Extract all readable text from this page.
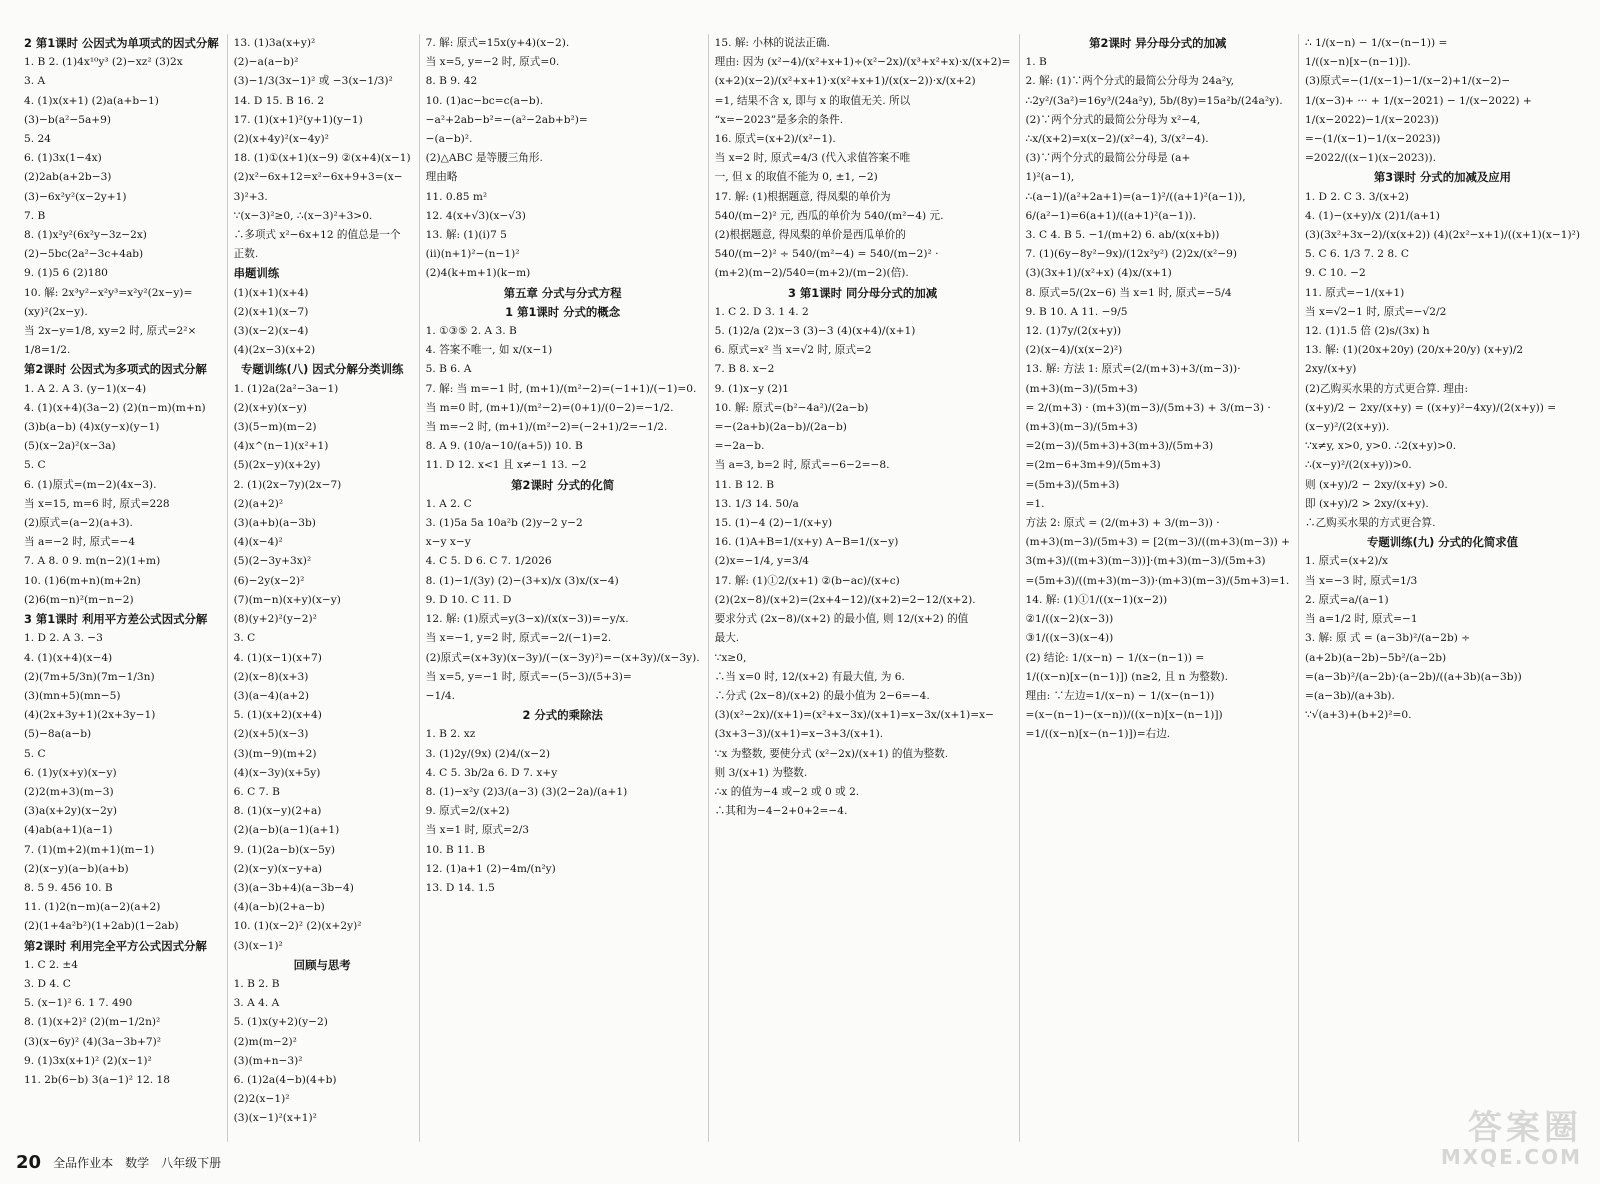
2 第1课时 公因式为单项式的因式分解
1. B 2. (1)4x¹⁰y³ (2)−xz² (3)2x
3. A
4. (1)x(x+1) (2)a(a+b−1)
(3)−b(a²−5a+9)
5. 24
6. (1)3x(1−4x)
(2)2ab(a+2b−3)
(3)−6x²y²(x−2y+1)
7. B
8. (1)x²y²(6x²y−3z−2x)
(2)−5bc(2a²−3c+4ab)
9. (1)5 6 (2)180
10. 解: 2x³y²−x²y³=x²y²(2x−y)=
(xy)²(2x−y).
当 2x−y=1/8, xy=2 时, 原式=2²×
1/8=1/2.
第2课时 公因式为多项式的因式分解
1. A 2. A 3. (y−1)(x−4)
4. (1)(x+4)(3a−2) (2)(n−m)(m+n)
(3)b(a−b) (4)x(y−x)(y−1)
(5)(x−2a)²(x−3a)
5. C
6. (1)原式=(m−2)(4x−3).
当 x=15, m=6 时, 原式=228
(2)原式=(a−2)(a+3).
当 a=−2 时, 原式=−4
7. A 8. 0 9. m(n−2)(1+m)
10. (1)6(m+n)(m+2n)
(2)6(m−n)²(m−n−2)
3 第1课时 利用平方差公式因式分解
1. D 2. A 3. −3
4. (1)(x+4)(x−4)
(2)(7m+5/3n)(7m−1/3n)
(3)(mn+5)(mn−5)
(4)(2x+3y+1)(2x+3y−1)
(5)−8a(a−b)
5. C
6. (1)y(x+y)(x−y)
(2)2(m+3)(m−3)
(3)a(x+2y)(x−2y)
(4)ab(a+1)(a−1)
7. (1)(m+2)(m+1)(m−1)
(2)(x−y)(a−b)(a+b)
8. 5 9. 456 10. B
11. (1)2(n−m)(a−2)(a+2)
(2)(1+4a²b²)(1+2ab)(1−2ab)
第2课时 利用完全平方公式因式分解
1. C 2. ±4
3. D 4. C
5. (x−1)² 6. 1 7. 490
8. (1)(x+2)² (2)(m−1/2n)²
(3)(x−6y)² (4)(3a−3b+7)²
9. (1)3x(x+1)² (2)(x−1)²
11. 2b(6−b) 3(a−1)² 12. 18
13. (1)3a(x+y)²
(2)−a(a−b)²
(3)−1/3(3x−1)² 或 −3(x−1/3)²
14. D 15. B 16. 2
17. (1)(x+1)²(y+1)(y−1)
(2)(x+4y)²(x−4y)²
18. (1)①(x+1)(x−9) ②(x+4)(x−1)
(2)x²−6x+12=x²−6x+9+3=(x−
3)²+3.
∵(x−3)²≥0, ∴(x−3)²+3>0.
∴多项式 x²−6x+12 的值总是一个
正数.
串题训练
(1)(x+1)(x+4)
(2)(x+1)(x−7)
(3)(x−2)(x−4)
(4)(2x−3)(x+2)
专题训练(八) 因式分解分类训练
1. (1)2a(2a²−3a−1)
(2)(x+y)(x−y)
(3)(5−m)(m−2)
(4)x^(n−1)(x²+1)
(5)(2x−y)(x+2y)
2. (1)(2x−7y)(2x−7)
(2)(a+2)²
(3)(a+b)(a−3b)
(4)(x−4)²
(5)(2−3y+3x)²
(6)−2y(x−2)²
(7)(m−n)(x+y)(x−y)
(8)(y+2)²(y−2)²
3. C
4. (1)(x−1)(x+7)
(2)(x−8)(x+3)
(3)(a−4)(a+2)
5. (1)(x+2)(x+4)
(2)(x+5)(x−3)
(3)(m−9)(m+2)
(4)(x−3y)(x+5y)
6. C 7. B
8. (1)(x−y)(2+a)
(2)(a−b)(a−1)(a+1)
9. (1)(2a−b)(x−5y)
(2)(x−y)(x−y+a)
(3)(a−3b+4)(a−3b−4)
(4)(a−b)(2+a−b)
10. (1)(x−2)² (2)(x+2y)²
(3)(x−1)²
回顾与思考
1. B 2. B
3. A 4. A
5. (1)x(y+2)(y−2)
(2)m(m−2)²
(3)(m+n−3)²
6. (1)2a(4−b)(4+b)
(2)2(x−1)²
(3)(x−1)²(x+1)²
7. 解: 原式=15x(y+4)(x−2).
当 x=5, y=−2 时, 原式=0.
8. B 9. 42
10. (1)ac−bc=c(a−b).
−a²+2ab−b²=−(a²−2ab+b²)=
−(a−b)².
(2)△ABC 是等腰三角形.
理由略
11. 0.85 m²
12. 4(x+√3)(x−√3)
13. 解: (1)(i)7 5
(ii)(n+1)²−(n−1)²
(2)4(k+m+1)(k−m)
第五章 分式与分式方程
1 第1课时 分式的概念
1. ①③⑤ 2. A 3. B
4. 答案不唯一, 如 x/(x−1)
5. B 6. A
7. 解: 当 m=−1 时, (m+1)/(m²−2)=(−1+1)/(−1)=0.
当 m=0 时, (m+1)/(m²−2)=(0+1)/(0−2)=−1/2.
当 m=−2 时, (m+1)/(m²−2)=(−2+1)/2=−1/2.
8. A 9. (10/a−10/(a+5)) 10. B
11. D 12. x<1 且 x≠−1 13. −2
第2课时 分式的化简
1. A 2. C
3. (1)5a 5a 10a²b (2)y−2 y−2
x−y x−y
4. C 5. D 6. C 7. 1/2026
8. (1)−1/(3y) (2)−(3+x)/x (3)x/(x−4)
9. D 10. C 11. D
12. 解: (1)原式=y(3−x)/(x(x−3))=−y/x.
当 x=−1, y=2 时, 原式=−2/(−1)=2.
(2)原式=(x+3y)(x−3y)/(−(x−3y)²)=−(x+3y)/(x−3y).
当 x=5, y=−1 时, 原式=−(5−3)/(5+3)=
−1/4.
2 分式的乘除法
1. B 2. xz
3. (1)2y/(9x) (2)4/(x−2)
4. C 5. 3b/2a 6. D 7. x+y
8. (1)−x²y (2)3/(a−3) (3)(2−2a)/(a+1)
9. 原式=2/(x+2)
当 x=1 时, 原式=2/3
10. B 11. B
12. (1)a+1 (2)−4m/(n²y)
13. D 14. 1.5
15. 解: 小林的说法正确.
理由: 因为 (x²−4)/(x²+x+1)÷(x²−2x)/(x³+x²+x)·x/(x+2)=
(x+2)(x−2)/(x²+x+1)·x(x²+x+1)/(x(x−2))·x/(x+2)
=1, 结果不含 x, 即与 x 的取值无关. 所以
“x=−2023”是多余的条件.
16. 原式=(x+2)/(x²−1).
当 x=2 时, 原式=4/3 (代入求值答案不唯
一, 但 x 的取值不能为 0, ±1, −2)
17. 解: (1)根据题意, 得凤梨的单价为
540/(m−2)² 元, 西瓜的单价为 540/(m²−4) 元.
(2)根据题意, 得凤梨的单价是西瓜单价的
540/(m−2)² ÷ 540/(m²−4) = 540/(m−2)² ·
(m+2)(m−2)/540=(m+2)/(m−2)(倍).
3 第1课时 同分母分式的加减
1. C 2. D 3. 1 4. 2
5. (1)2/a (2)x−3 (3)−3 (4)(x+4)/(x+1)
6. 原式=x² 当 x=√2 时, 原式=2
7. B 8. x−2
9. (1)x−y (2)1
10. 解: 原式=(b²−4a²)/(2a−b)
=−(2a+b)(2a−b)/(2a−b)
=−2a−b.
当 a=3, b=2 时, 原式=−6−2=−8.
11. B 12. B
13. 1/3 14. 50/a
15. (1)−4 (2)−1/(x+y)
16. (1)A+B=1/(x+y) A−B=1/(x−y)
(2)x=−1/4, y=3/4
17. 解: (1)①2/(x+1) ②(b−ac)/(x+c)
(2)(2x−8)/(x+2)=(2x+4−12)/(x+2)=2−12/(x+2).
要求分式 (2x−8)/(x+2) 的最小值, 则 12/(x+2) 的值
最大.
∵x≥0,
∴当 x=0 时, 12/(x+2) 有最大值, 为 6.
∴分式 (2x−8)/(x+2) 的最小值为 2−6=−4.
(3)(x²−2x)/(x+1)=(x²+x−3x)/(x+1)=x−3x/(x+1)=x−
(3x+3−3)/(x+1)=x−3+3/(x+1).
∵x 为整数, 要使分式 (x²−2x)/(x+1) 的值为整数.
则 3/(x+1) 为整数.
∴x 的值为−4 或−2 或 0 或 2.
∴其和为−4−2+0+2=−4.
第2课时 异分母分式的加减
1. B
2. 解: (1)∵两个分式的最简公分母为 24a²y,
∴2y²/(3a²)=16y³/(24a²y), 5b/(8y)=15a²b/(24a²y).
(2)∵两个分式的最简公分母为 x²−4,
∴x/(x+2)=x(x−2)/(x²−4), 3/(x²−4).
(3)∵两个分式的最简公分母是 (a+
1)²(a−1),
∴(a−1)/(a²+2a+1)=(a−1)²/((a+1)²(a−1)),
6/(a²−1)=6(a+1)/((a+1)²(a−1)).
3. C 4. B 5. −1/(m+2) 6. ab/(x(x+b))
7. (1)(6y−8y²−9x)/(12x²y²) (2)2x/(x²−9)
(3)(3x+1)/(x²+x) (4)x/(x+1)
8. 原式=5/(2x−6) 当 x=1 时, 原式=−5/4
9. B 10. A 11. −9/5
12. (1)7y/(2(x+y))
(2)(x−4)/(x(x−2)²)
13. 解: 方法 1: 原式=(2/(m+3)+3/(m−3))·
(m+3)(m−3)/(5m+3)
= 2/(m+3) · (m+3)(m−3)/(5m+3) + 3/(m−3) ·
(m+3)(m−3)/(5m+3)
=2(m−3)/(5m+3)+3(m+3)/(5m+3)
=(2m−6+3m+9)/(5m+3)
=(5m+3)/(5m+3)
=1.
方法 2: 原式 = (2/(m+3) + 3/(m−3)) ·
(m+3)(m−3)/(5m+3) = [2(m−3)/((m+3)(m−3)) +
3(m+3)/((m+3)(m−3))]·(m+3)(m−3)/(5m+3)
=(5m+3)/((m+3)(m−3))·(m+3)(m−3)/(5m+3)=1.
14. 解: (1)①1/((x−1)(x−2))
②1/((x−2)(x−3))
③1/((x−3)(x−4))
(2) 结论: 1/(x−n) − 1/(x−(n−1)) =
1/((x−n)[x−(n−1)]) (n≥2, 且 n 为整数).
理由: ∵左边=1/(x−n) − 1/(x−(n−1))
=(x−(n−1)−(x−n))/((x−n)[x−(n−1)])
=1/((x−n)[x−(n−1)])=右边.
∴ 1/(x−n) − 1/(x−(n−1)) =
1/((x−n)[x−(n−1)]).
(3)原式=−(1/(x−1)−1/(x−2)+1/(x−2)−
1/(x−3)+ ··· + 1/(x−2021) − 1/(x−2022) +
1/(x−2022)−1/(x−2023))
=−(1/(x−1)−1/(x−2023))
=2022/((x−1)(x−2023)).
第3课时 分式的加减及应用
1. D 2. C 3. 3/(x+2)
4. (1)−(x+y)/x (2)1/(a+1)
(3)(3x²+3x−2)/(x(x+2)) (4)(2x²−x+1)/((x+1)(x−1)²)
5. C 6. 1/3 7. 2 8. C
9. C 10. −2
11. 原式=−1/(x+1)
当 x=√2−1 时, 原式=−√2/2
12. (1)1.5 倍 (2)s/(3x) h
13. 解: (1)(20x+20y) (20/x+20/y) (x+y)/2
2xy/(x+y)
(2)乙购买水果的方式更合算. 理由:
(x+y)/2 − 2xy/(x+y) = ((x+y)²−4xy)/(2(x+y)) =
(x−y)²/(2(x+y)).
∵x≠y, x>0, y>0. ∴2(x+y)>0.
∴(x−y)²/(2(x+y))>0.
则 (x+y)/2 − 2xy/(x+y) >0.
即 (x+y)/2 > 2xy/(x+y).
∴乙购买水果的方式更合算.
专题训练(九) 分式的化简求值
1. 原式=(x+2)/x
当 x=−3 时, 原式=1/3
2. 原式=a/(a−1)
当 a=1/2 时, 原式=−1
3. 解: 原 式 = (a−3b)²/(a−2b) ÷
(a+2b)(a−2b)−5b²/(a−2b)
=(a−3b)²/(a−2b)·(a−2b)/((a+3b)(a−3b))
=(a−3b)/(a+3b).
∵√(a+3)+(b+2)²=0.
20 全品作业本 数学 八年级下册
答案圈
MXQE.COM
